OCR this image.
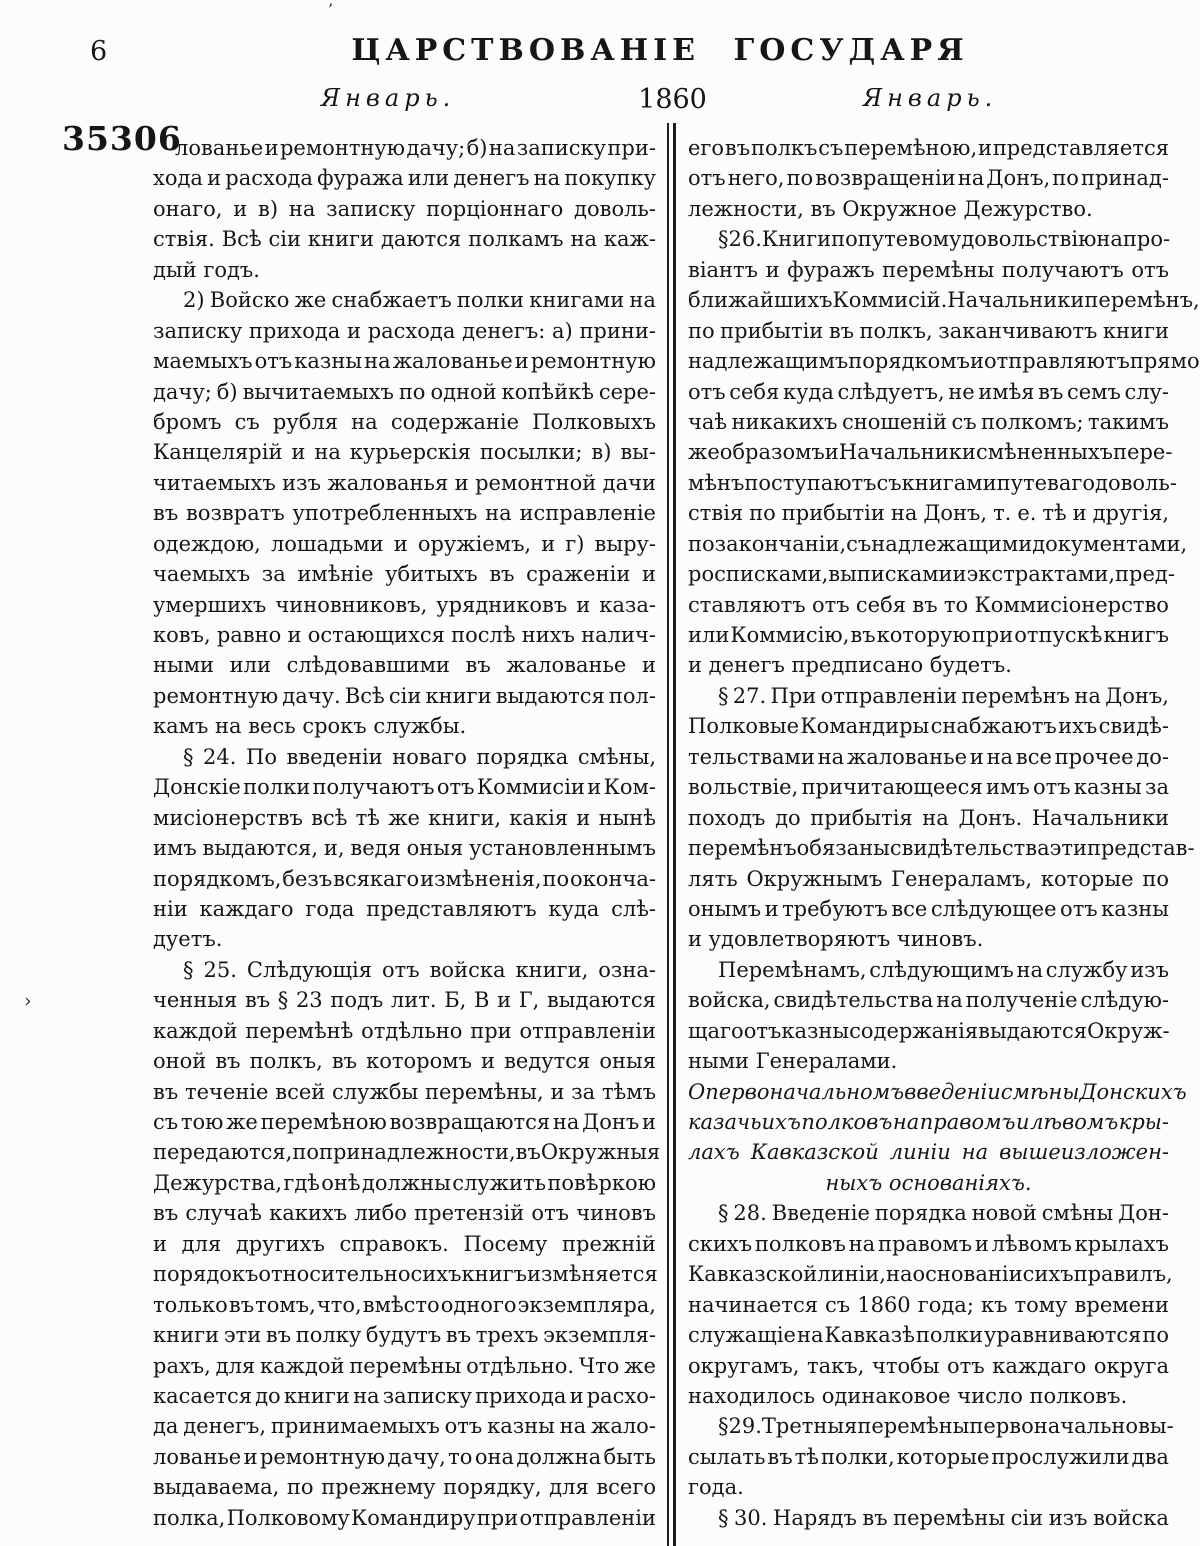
6	ЦАРСТВОВАНІЕ ГОСУДАРЯ
Январь.	1860	Январь.
35306
лованье и ремонтную дачу; б) на записку при-
хода и расхода фуража или денегъ на покупку
онаго, и в) на записку порціоннаго доволь-
ствія. Всѣ сіи книги даются полкамъ на каж-
дый годъ.
2) Войско же снабжаетъ полки книгами на
записку прихода и расхода денегъ: а) прини-
маемыхъ отъ казны на жалованье и ремонтную
дачу; б) вычитаемыхъ по одной копѣйкѣ сере-
бромъ съ рубля на содержаніе Полковыхъ
Канцелярій и на курьерскія посылки; в) вы-
читаемыхъ изъ жалованья и ремонтной дачи
въ возвратъ употребленныхъ на исправленіе
одеждою, лошадьми и оружіемъ, и г) выру-
чаемыхъ за имѣніе убитыхъ въ сраженіи и
умершихъ чиновниковъ, урядниковъ и каза-
ковъ, равно и остающихся послѣ нихъ налич-
ными или слѣдовавшими въ жалованье и
ремонтную дачу. Всѣ сіи книги выдаются пол-
камъ на весь срокъ службы.
§ 24. По введеніи новаго порядка смѣны,
Донскіе полки получаютъ отъ Коммисіи и Ком-
мисіонерствъ всѣ тѣ же книги, какія и нынѣ
имъ выдаются, и, ведя оныя установленнымъ
порядкомъ, безъ всякаго измѣненія, по оконча-
ніи каждаго года представляютъ куда слѣ-
дуетъ.
§ 25. Слѣдующія отъ войска книги, озна-
ченныя въ § 23 подъ лит. Б, В и Г, выдаются
каждой перемѣнѣ отдѣльно при отправленіи
оной въ полкъ, въ которомъ и ведутся оныя
въ теченіе всей службы перемѣны, и за тѣмъ
съ тою же перемѣною возвращаются на Донъ и
передаются, по принадлежности, въ Окружныя
Дежурства, гдѣ онѣ должны служить повѣркою
въ случаѣ какихъ либо претензій отъ чиновъ
и для другихъ справокъ. Посему прежній
порядокъ относительно сихъ книгъ измѣняется
только въ томъ, что, вмѣсто одного экземпляра,
книги эти въ полку будутъ въ трехъ экземпля-
рахъ, для каждой перемѣны отдѣльно. Что же
касается до книги на записку прихода и расхо-
да денегъ, принимаемыхъ отъ казны на жало-
лованье и ремонтную дачу, то она должна быть
выдаваема, по прежнему порядку, для всего
полка, Полковому Командиру при отправленіи
его въ полкъ съ перемѣною, и представляется
отъ него, по возвращеніи на Донъ, по принад-
лежности, въ Окружное Дежурство.
§ 26. Книги по путевому довольствію на про-
віантъ и фуражъ перемѣны получаютъ отъ
ближайшихъ Коммисій. Начальники перемѣнъ,
по прибытіи въ полкъ, заканчиваютъ книги
надлежащимъ порядкомъ и отправляютъ прямо
отъ себя куда слѣдуетъ, не имѣя въ семъ слу-
чаѣ никакихъ сношеній съ полкомъ; такимъ
же образомъ и Начальники смѣненныхъ пере-
мѣнъ поступаютъ съ книгами путеваго доволь-
ствія по прибытіи на Донъ, т. е. тѣ и другія,
по закончаніи, съ надлежащими документами,
росписками, выписками и экстрактами, пред-
ставляютъ отъ себя въ то Коммисіонерство
или Коммисію, въ которую при отпускѣ книгъ
и денегъ предписано будетъ.
§ 27. При отправленіи перемѣнъ на Донъ,
Полковые Командиры снабжаютъ ихъ свидѣ-
тельствами на жалованье и на все прочее до-
вольствіе, причитающееся имъ отъ казны за
походъ до прибытія на Донъ. Начальники
перемѣнъ обязаны свидѣтельства эти представ-
лять Окружнымъ Генераламъ, которые по
онымъ и требуютъ все слѣдующее отъ казны
и удовлетворяютъ чиновъ.
Перемѣнамъ, слѣдующимъ на службу изъ
войска, свидѣтельства на полученіе слѣдую-
щаго отъ казны содержанія выдаются Окруж-
ными Генералами.
О первоначальномъ введеніи смѣны Донскихъ
казачьихъ полковъ на правомъ и лѣвомъ кры-
лахъ Кавказской линіи на вышеизложен-
ныхъ основаніяхъ.
§ 28. Введеніе порядка новой смѣны Дон-
скихъ полковъ на правомъ и лѣвомъ крылахъ
Кавказской линіи, на основаніи сихъ правилъ,
начинается съ 1860 года; къ тому времени
служащіе на Кавказѣ полки уравниваются по
округамъ, такъ, чтобы отъ каждаго округа
находилось одинаковое число полковъ.
§ 29. Третныя перемѣны первоначально вы-
сылать въ тѣ полки, которые прослужили два
года.
§ 30. Нарядъ въ перемѣны сіи изъ войска
›
’
